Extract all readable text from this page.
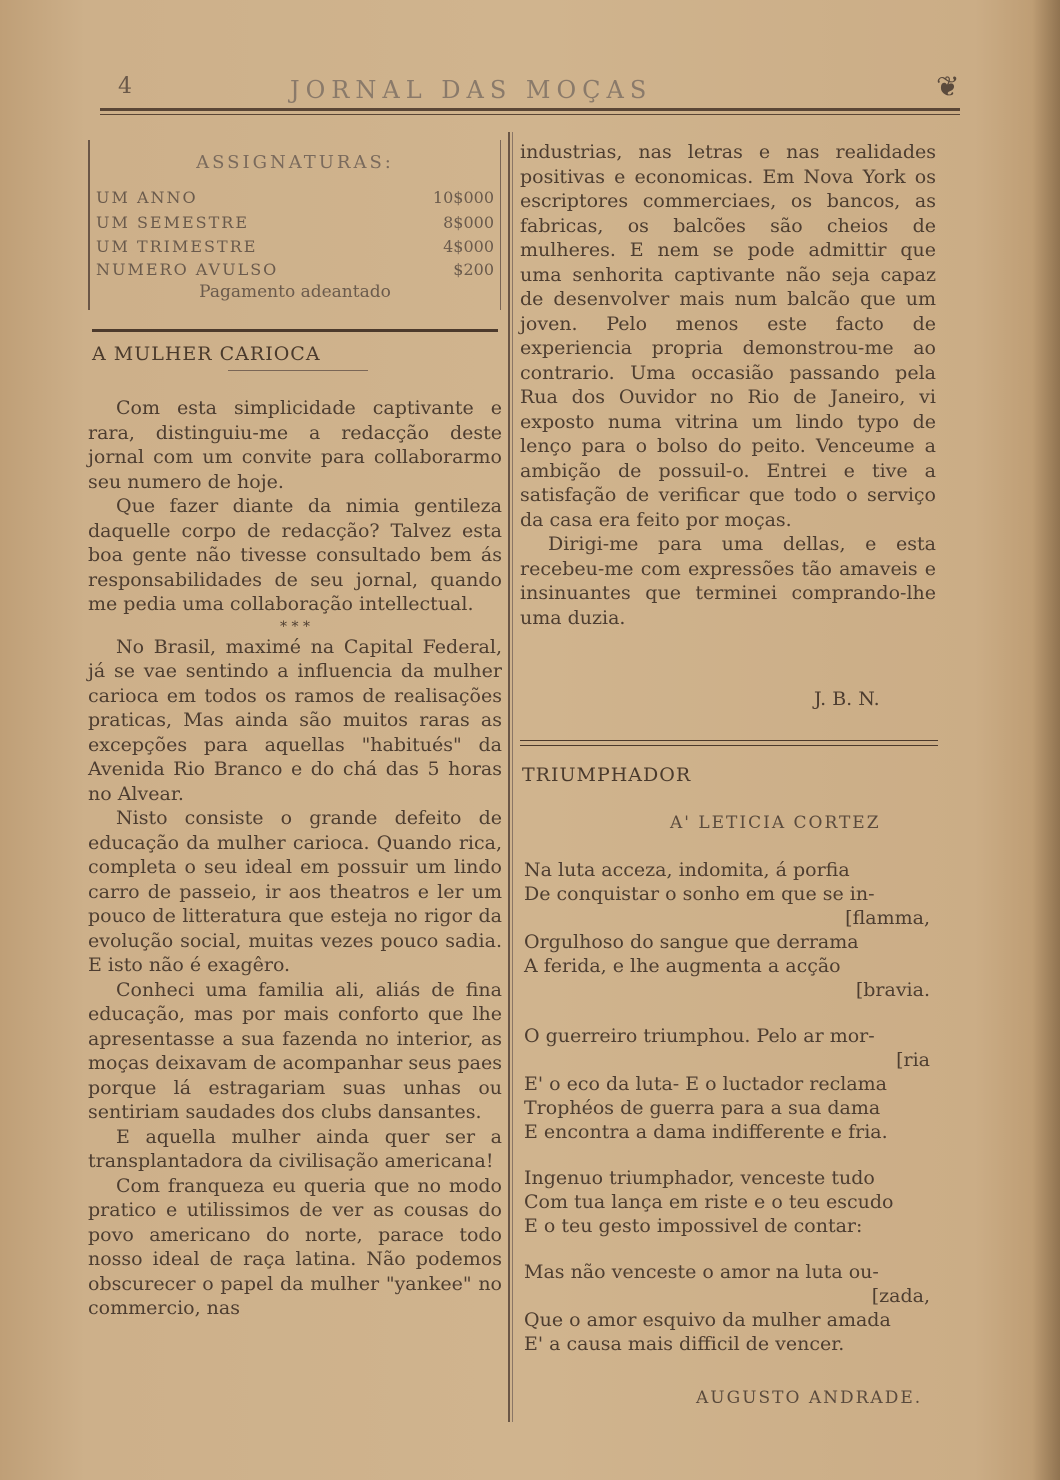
4	JORNAL DAS MOÇAS	❦
ASSIGNATURAS:
UM ANNO	10$000
UM SEMESTRE	8$000
UM TRIMESTRE	4$000
NUMERO AVULSO	$200
Pagamento adeantado
A MULHER CARIOCA

Com esta simplicidade captivante e rara, distinguiu-me a redacção deste jornal com um convite para collaborarmo seu numero de hoje.

Que fazer diante da nimia gentileza daquelle corpo de redacção? Talvez esta boa gente não tivesse consultado bem ás responsabilidades de seu jornal, quando me pedia uma collaboração intellectual.

* * *

No Brasil, maximé na Capital Federal, já se vae sentindo a influencia da mulher carioca em todos os ramos de realisações praticas, Mas ainda são muitos raras as excepções para aquellas "habitués" da Avenida Rio Branco e do chá das 5 horas no Alvear.

Nisto consiste o grande defeito de educação da mulher carioca. Quando rica, completa o seu ideal em possuir um lindo carro de passeio, ir aos theatros e ler um pouco de litteratura que esteja no rigor da evolução social, muitas vezes pouco sadia. E isto não é exagêro.

Conheci uma familia ali, aliás de fina educação, mas por mais conforto que lhe apresentasse a sua fazenda no interior, as moças deixavam de acompanhar seus paes porque lá estragariam suas unhas ou sentiriam saudades dos clubs dansantes.

E aquella mulher ainda quer ser a transplantadora da civilisação americana!

Com franqueza eu queria que no modo pratico e utilissimos de ver as cousas do povo americano do norte, parace todo nosso ideal de raça latina. Não podemos obscurecer o papel da mulher "yankee" no commercio, nas

industrias, nas letras e nas realidades positivas e economicas. Em Nova York os escriptores commerciaes, os bancos, as fabricas, os balcões são cheios de mulheres. E nem se pode admittir que uma senhorita captivante não seja capaz de desenvolver mais num balcão que um joven. Pelo menos este facto de experiencia propria demonstrou-me ao contrario. Uma occasião passando pela Rua dos Ouvidor no Rio de Janeiro, vi exposto numa vitrina um lindo typo de lenço para o bolso do peito. Venceume a ambição de possuil-o. Entrei e tive a satisfação de verificar que todo o serviço da casa era feito por moças.

Dirigi-me para uma dellas, e esta recebeu-me com expressões tão amaveis e insinuantes que terminei comprando-lhe uma duzia.

J. B. N.
TRIUMPHADOR
A' LETICIA CORTEZ
Na luta acceza, indomita, á porfia
De conquistar o sonho em que se in-
[flamma,
Orgulhoso do sangue que derrama
A ferida, e lhe augmenta a acção
[bravia.
O guerreiro triumphou. Pelo ar mor-
[ria
E' o eco da luta- E o luctador reclama
Trophéos de guerra para a sua dama
E encontra a dama indifferente e fria.
Ingenuo triumphador, venceste tudo
Com tua lança em riste e o teu escudo
E o teu gesto impossivel de contar:
Mas não venceste o amor na luta ou-
[zada,
Que o amor esquivo da mulher amada
E' a causa mais difficil de vencer.
AUGUSTO ANDRADE.
